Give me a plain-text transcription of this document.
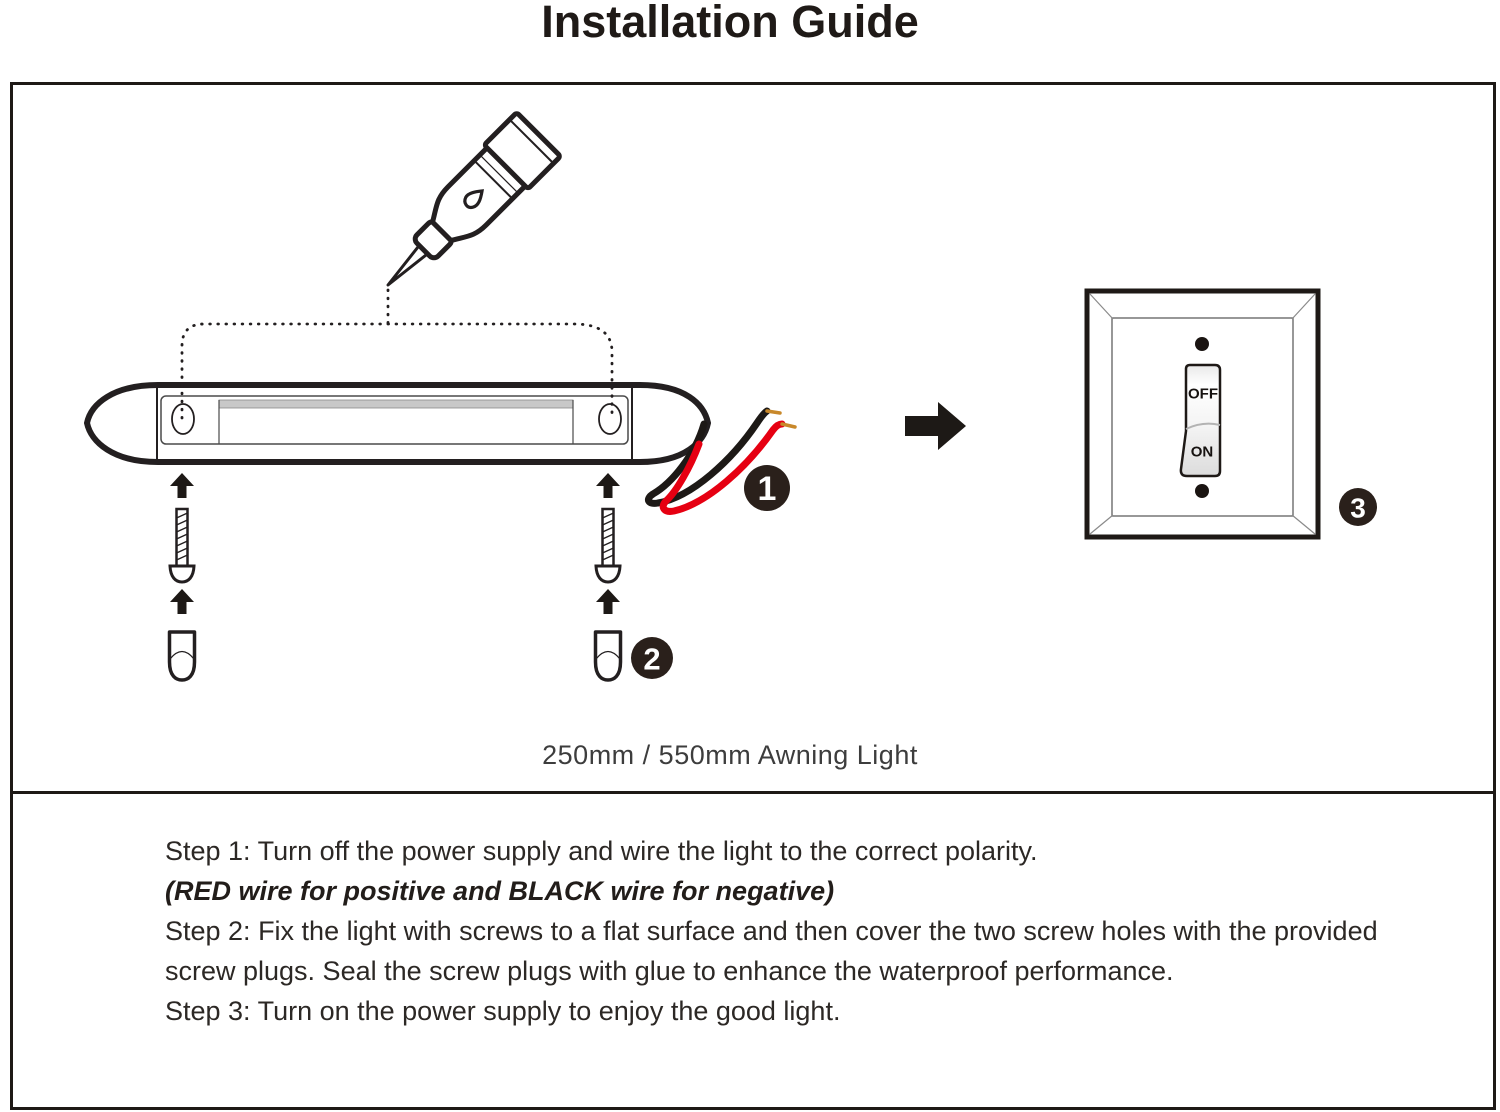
Installation Guide
OFF
ON
1
2
3
250mm / 550mm Awning Light

Step 1: Turn off the power supply and wire the light to the correct polarity.

(RED wire for positive and BLACK wire for negative)

Step 2: Fix the light with screws to a flat surface and then cover the two screw holes with the provided screw plugs. Seal the screw plugs with glue to enhance the waterproof performance.

Step 3: Turn on the power supply to enjoy the good light.
